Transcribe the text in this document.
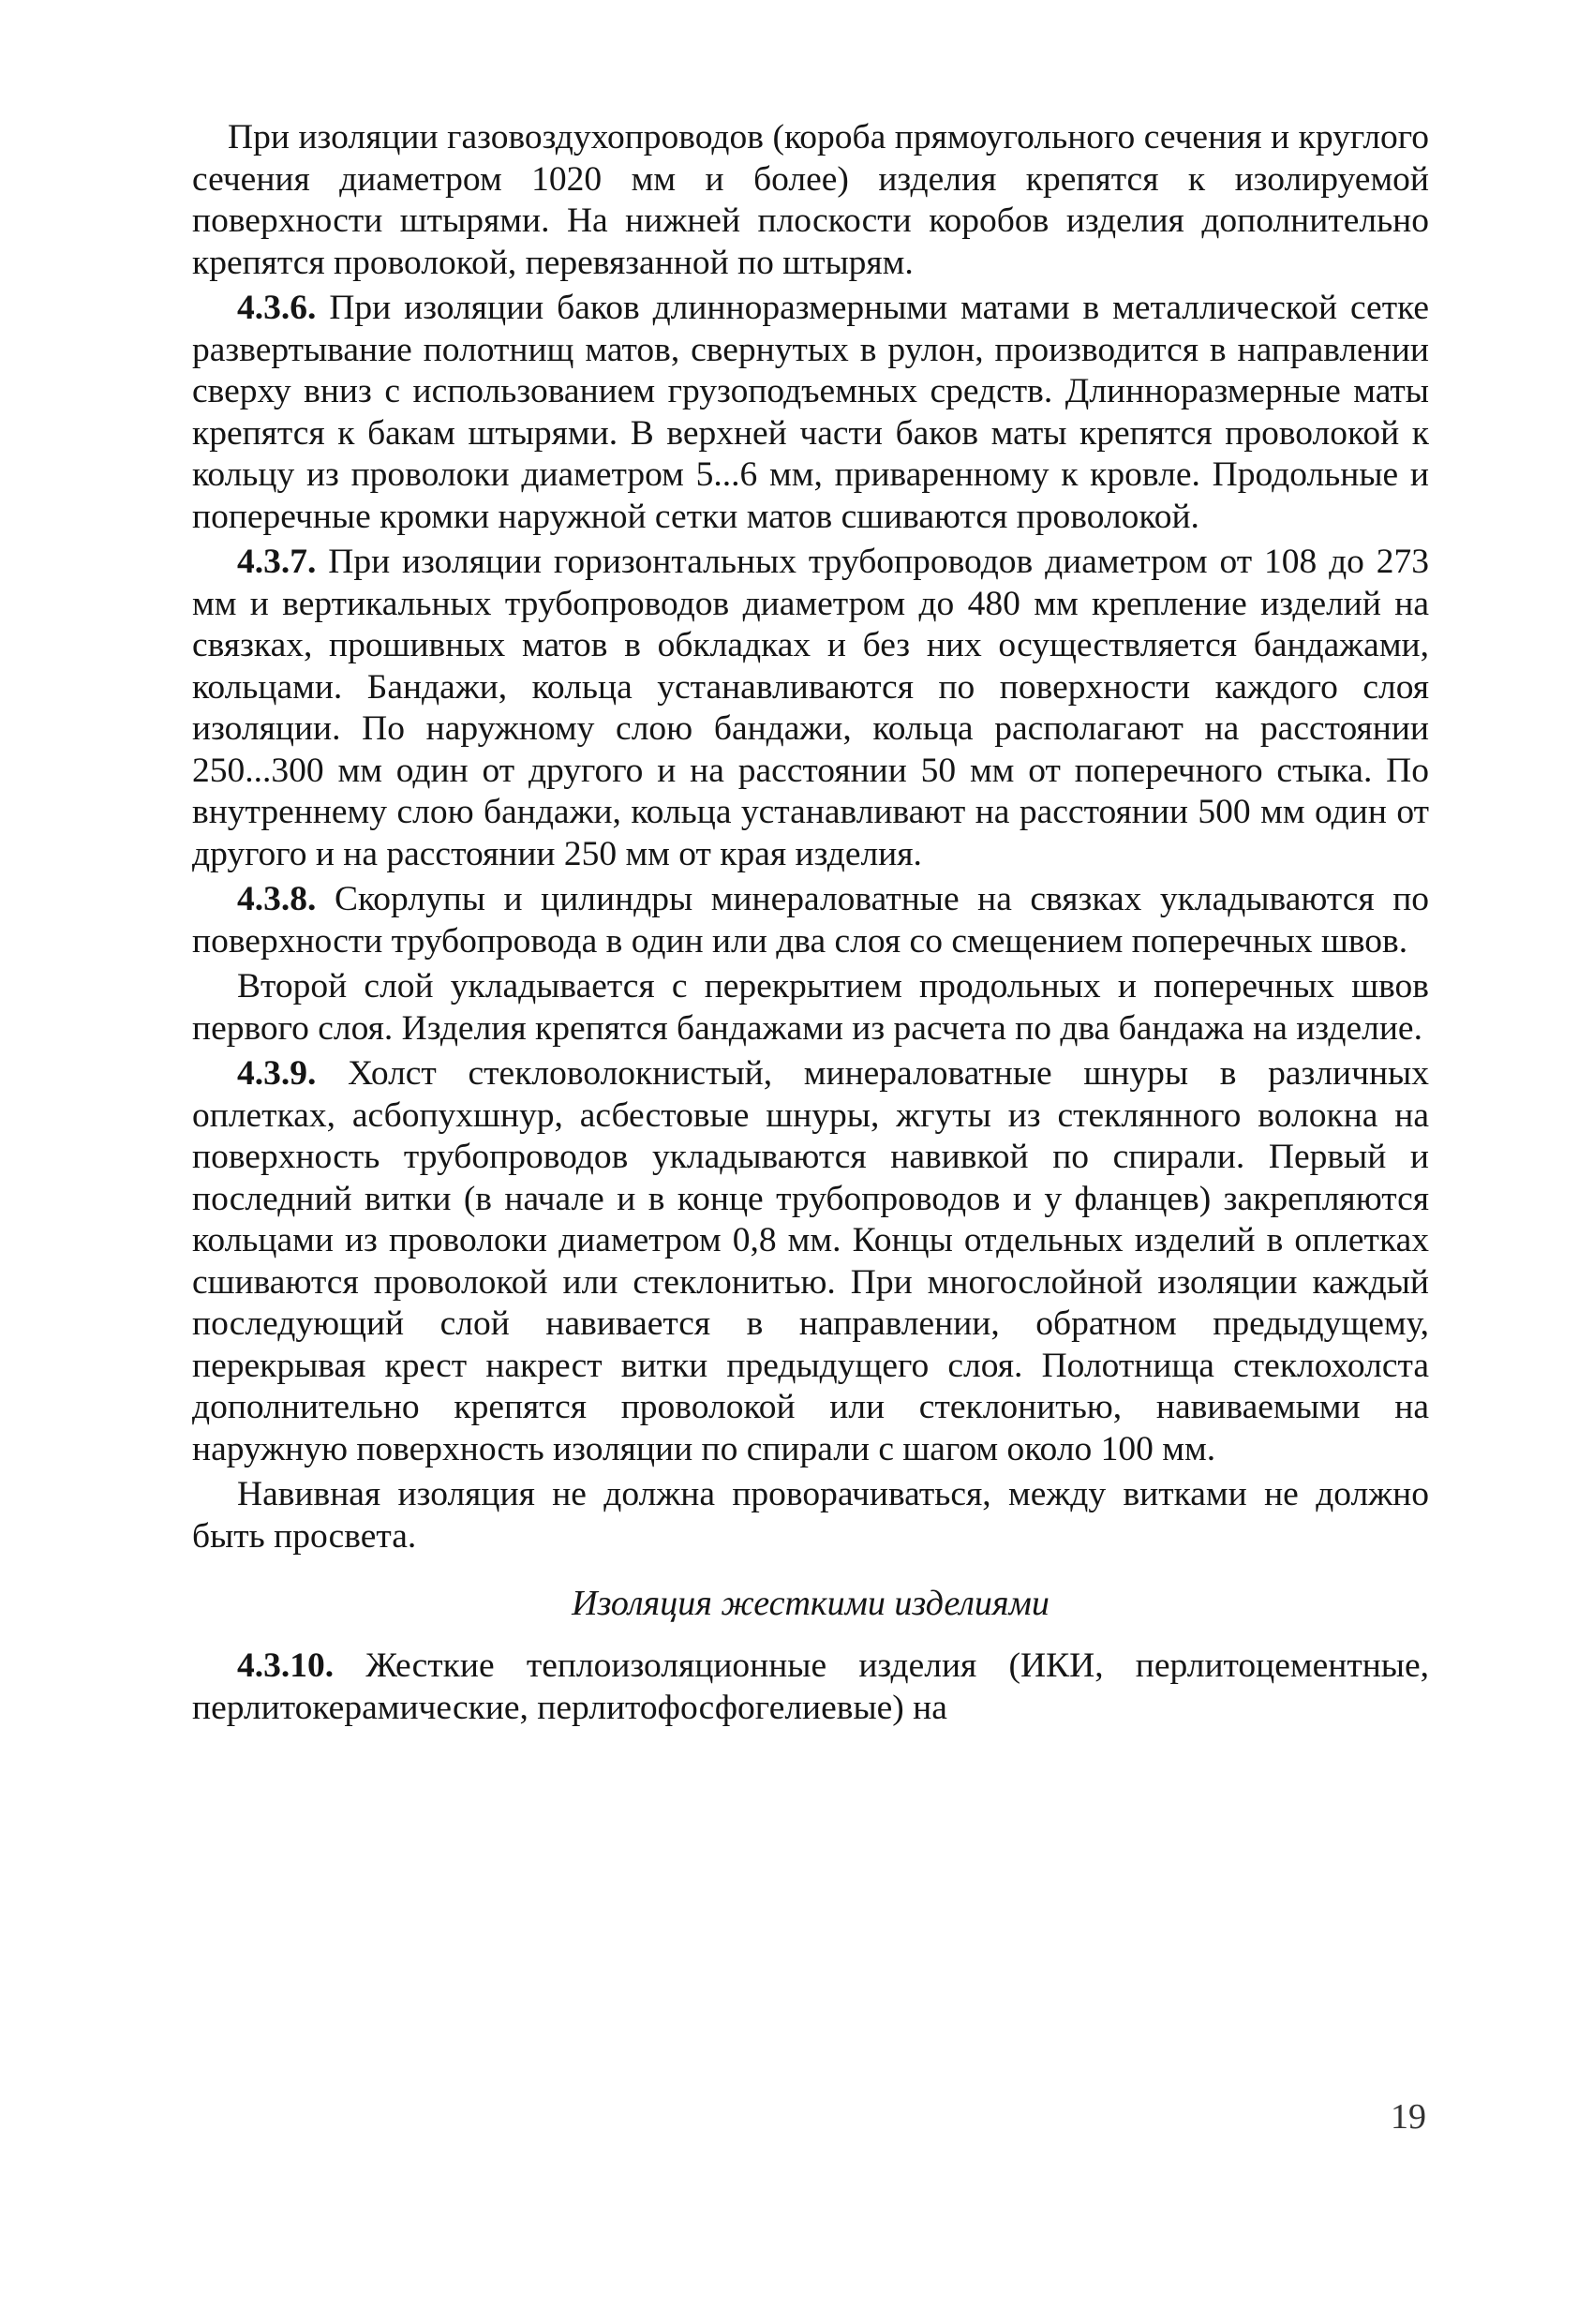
При изоляции газовоздухопроводов (короба прямоугольного сечения и круглого сечения диаметром 1020 мм и более) изделия крепятся к изолируемой поверхности штырями. На нижней плоскости коробов изделия дополнительно крепятся проволокой, перевязанной по штырям.

4.3.6. При изоляции баков длинноразмерными матами в металлической сетке развертывание полотнищ матов, свернутых в рулон, производится в направлении сверху вниз с использованием грузоподъемных средств. Длинноразмерные маты крепятся к бакам штырями. В верхней части баков маты крепятся проволокой к кольцу из проволоки диаметром 5...6 мм, приваренному к кровле. Продольные и поперечные кромки наружной сетки матов сшиваются проволокой.

4.3.7. При изоляции горизонтальных трубопроводов диаметром от 108 до 273 мм и вертикальных трубопроводов диаметром до 480 мм крепление изделий на связках, прошивных матов в обкладках и без них осуществляется бандажами, кольцами. Бандажи, кольца устанавливаются по поверхности каждого слоя изоляции. По наружному слою бандажи, кольца располагают на расстоянии 250...300 мм один от другого и на расстоянии 50 мм от поперечного стыка. По внутреннему слою бандажи, кольца устанавливают на расстоянии 500 мм один от другого и на расстоянии 250 мм от края изделия.

4.3.8. Скорлупы и цилиндры минераловатные на связках укладываются по поверхности трубопровода в один или два слоя со смещением поперечных швов.

Второй слой укладывается с перекрытием продольных и поперечных швов первого слоя. Изделия крепятся бандажами из расчета по два бандажа на изделие.

4.3.9. Холст стекловолокнистый, минераловатные шнуры в различных оплетках, асбопухшнур, асбестовые шнуры, жгуты из стеклянного волокна на поверхность трубопроводов укладываются навивкой по спирали. Первый и последний витки (в начале и в конце трубопроводов и у фланцев) закрепляются кольцами из проволоки диаметром 0,8 мм. Концы отдельных изделий в оплетках сшиваются проволокой или стеклонитью. При многослойной изоляции каждый последующий слой навивается в направлении, обратном предыдущему, перекрывая крест накрест витки предыдущего слоя. Полотнища стеклохолста дополнительно крепятся проволокой или стеклонитью, навиваемыми на наружную поверхность изоляции по спирали с шагом около 100 мм.

Навивная изоляция не должна проворачиваться, между витками не должно быть просвета.

Изоляция жесткими изделиями

4.3.10. Жесткие теплоизоляционные изделия (ИКИ, перлитоцементные, перлитокерамические, перлитофосфогелиевые) на

19
